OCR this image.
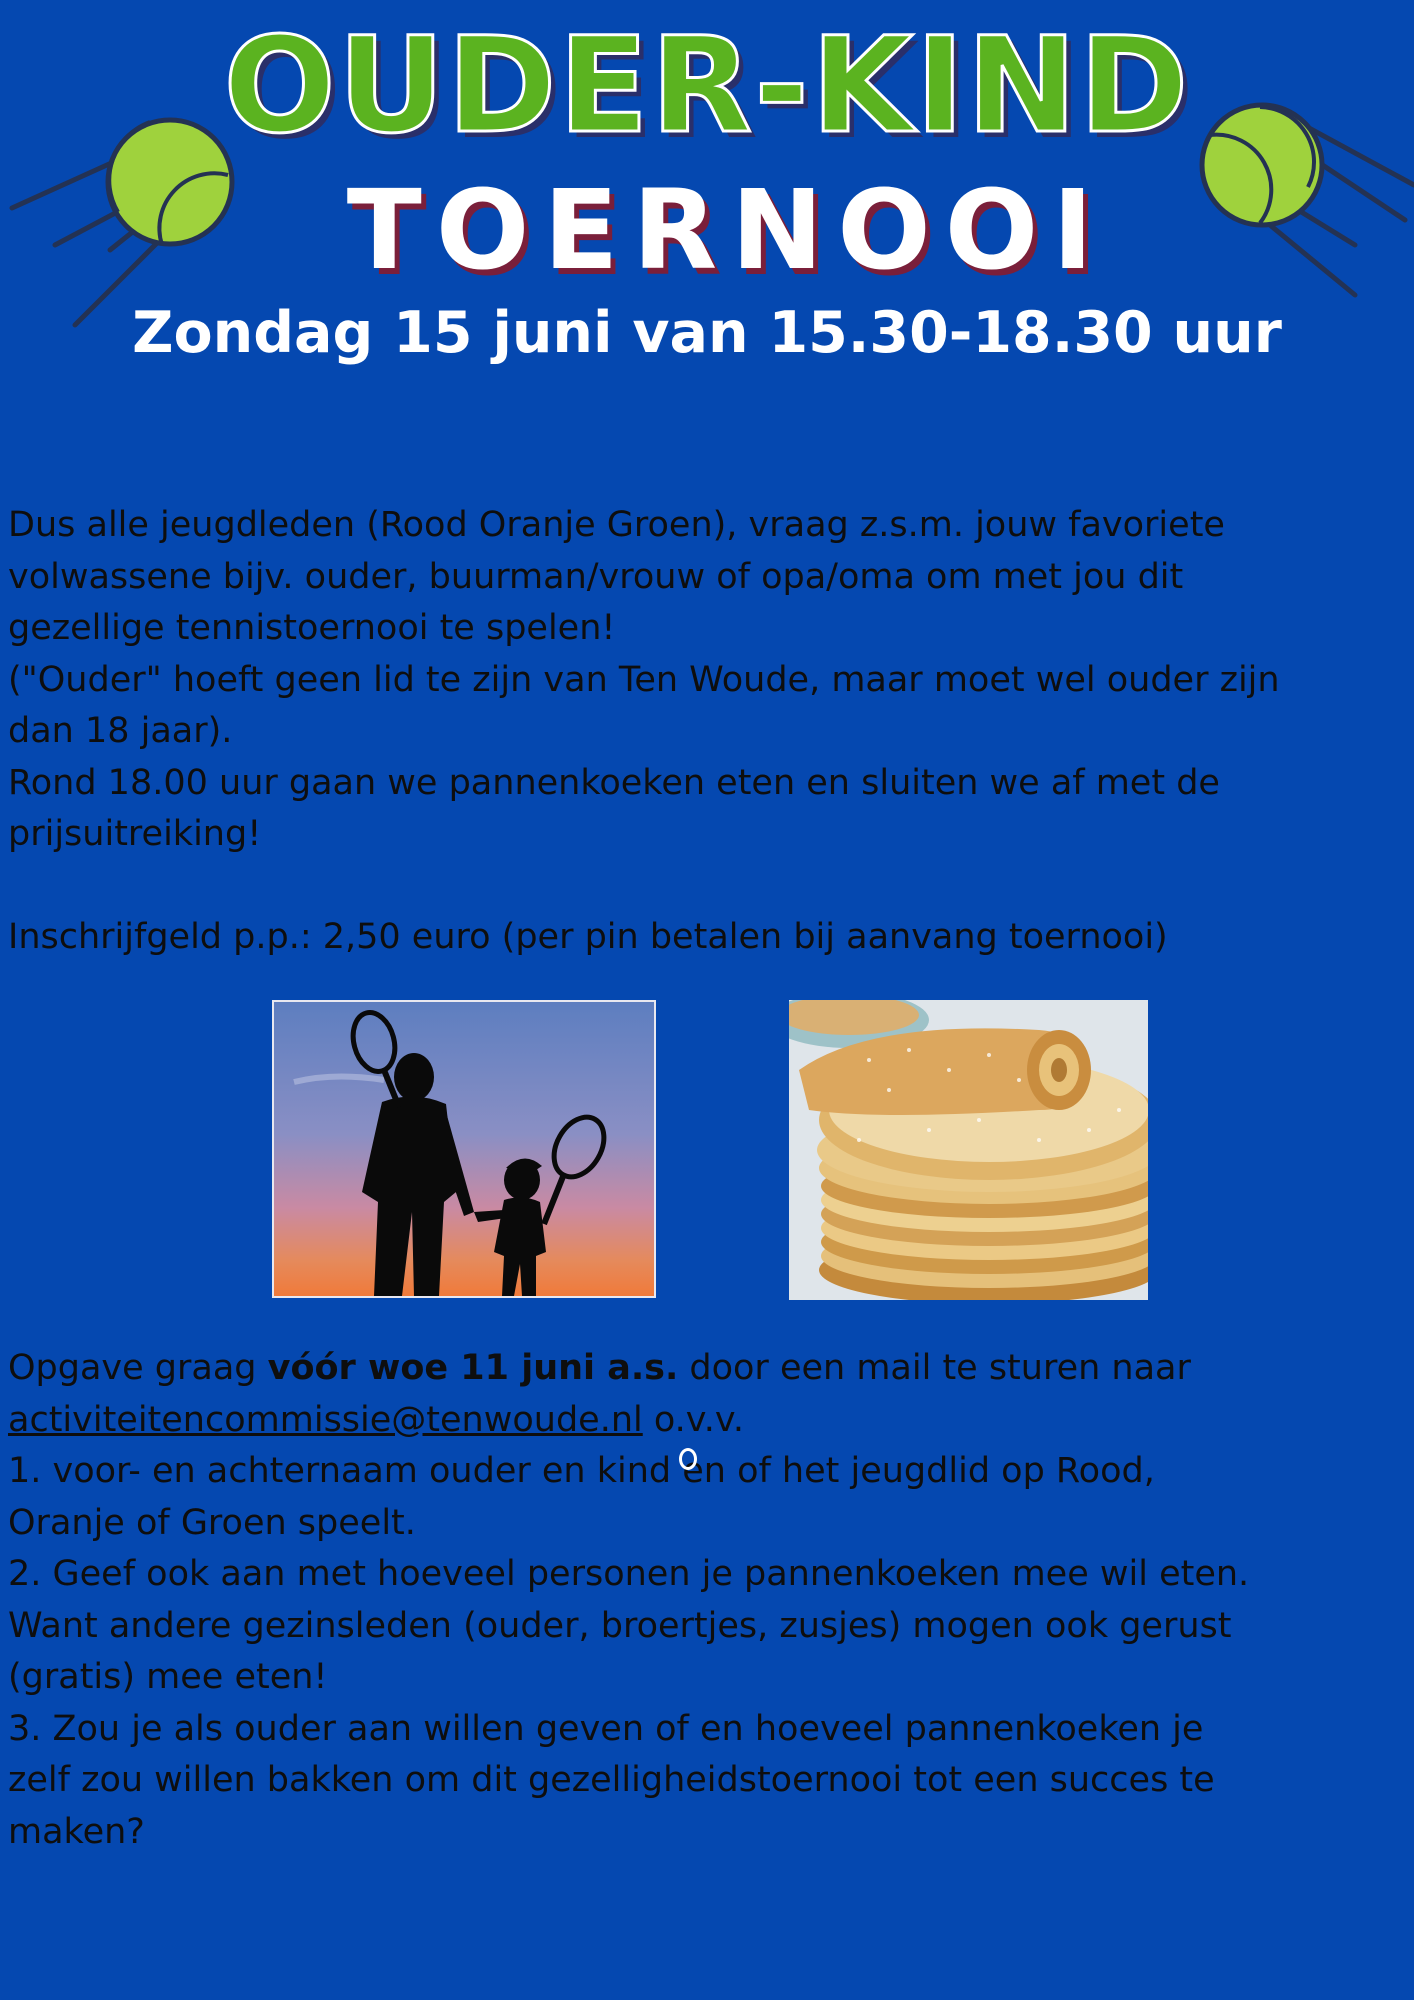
OUDER-KIND
TOERNOOI
Zondag 15 juni van 15.30-18.30 uur

Dus alle jeugdleden (Rood Oranje Groen), vraag z.s.m. jouw favoriete

volwassene bijv. ouder, buurman/vrouw of opa/oma om met jou dit

gezellige tennistoernooi te spelen!

("Ouder" hoeft geen lid te zijn van Ten Woude, maar moet wel ouder zijn

dan 18 jaar).

Rond 18.00 uur gaan we pannenkoeken eten en sluiten we af met de

prijsuitreiking!

Inschrijfgeld p.p.: 2,50 euro (per pin betalen bij aanvang toernooi)

Opgave graag vóór woe 11 juni a.s. door een mail te sturen naar

activiteitencommissie@tenwoude.nl o.v.v.

1. voor- en achternaam ouder en kind en of het jeugdlid op Rood,

Oranje of Groen speelt.

2. Geef ook aan met hoeveel personen je pannenkoeken mee wil eten.

Want andere gezinsleden (ouder, broertjes, zusjes) mogen ook gerust

(gratis) mee eten!

3. Zou je als ouder aan willen geven of en hoeveel pannenkoeken je

zelf zou willen bakken om dit gezelligheidstoernooi tot een succes te

maken?
